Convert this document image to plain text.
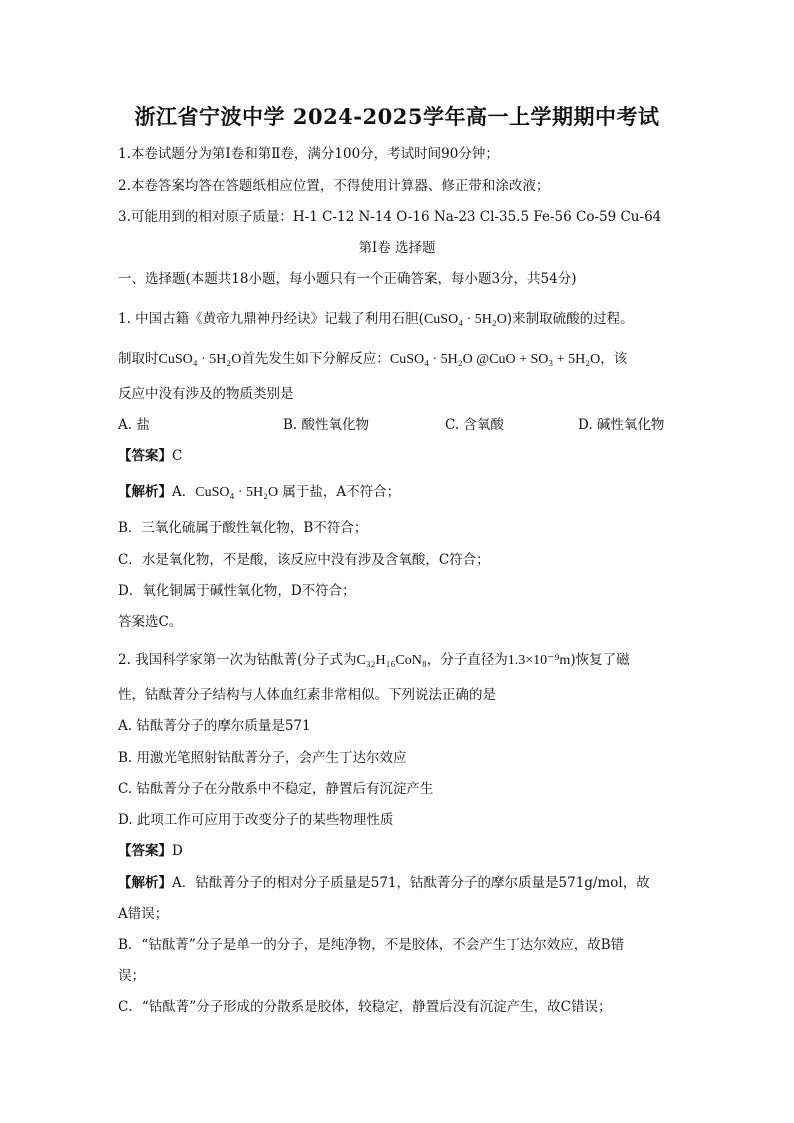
浙江省宁波中学 2024-2025学年高一上学期期中考试
1.本卷试题分为第Ⅰ卷和第Ⅱ卷，满分100分，考试时间90分钟；
2.本卷答案均答在答题纸相应位置，不得使用计算器、修正带和涂改液；
3.可能用到的相对原子质量：H-1 C-12 N-14 O-16 Na-23 Cl-35.5 Fe-56 Co-59 Cu-64
第Ⅰ卷 选择题
一、选择题(本题共18小题，每小题只有一个正确答案，每小题3分，共54分)
1. 中国古籍《黄帝九鼎神丹经诀》记载了利用石胆(CuSO₄ · 5H₂O)来制取硫酸的过程。
制取时CuSO₄ · 5H₂O首先发生如下分解反应：CuSO₄ · 5H₂O @CuO + SO₃ + 5H₂O，该
反应中没有涉及的物质类别是
A. 盐	B. 酸性氧化物	C. 含氧酸	D. 碱性氧化物
【答案】C
【解析】A．CuSO₄ · 5H₂O 属于盐，A不符合；
B．三氧化硫属于酸性氧化物，B不符合；
C．水是氧化物，不是酸，该反应中没有涉及含氧酸，C符合；
D．氧化铜属于碱性氧化物，D不符合；
答案选C。
2. 我国科学家第一次为钴酞菁(分子式为C₃₂H₁₆CoN₈，分子直径为1.3×10⁻⁹m)恢复了磁
性，钴酞菁分子结构与人体血红素非常相似。下列说法正确的是
A. 钴酞菁分子的摩尔质量是571
B. 用激光笔照射钴酞菁分子，会产生丁达尔效应
C. 钴酞菁分子在分散系中不稳定，静置后有沉淀产生
D. 此项工作可应用于改变分子的某些物理性质
【答案】D
【解析】A．钴酞菁分子的相对分子质量是571，钴酞菁分子的摩尔质量是571g/mol，故
A错误；
B．“钴酞菁”分子是单一的分子，是纯净物，不是胶体，不会产生丁达尔效应，故B错
误；
C．“钴酞菁”分子形成的分散系是胶体，较稳定，静置后没有沉淀产生，故C错误；
